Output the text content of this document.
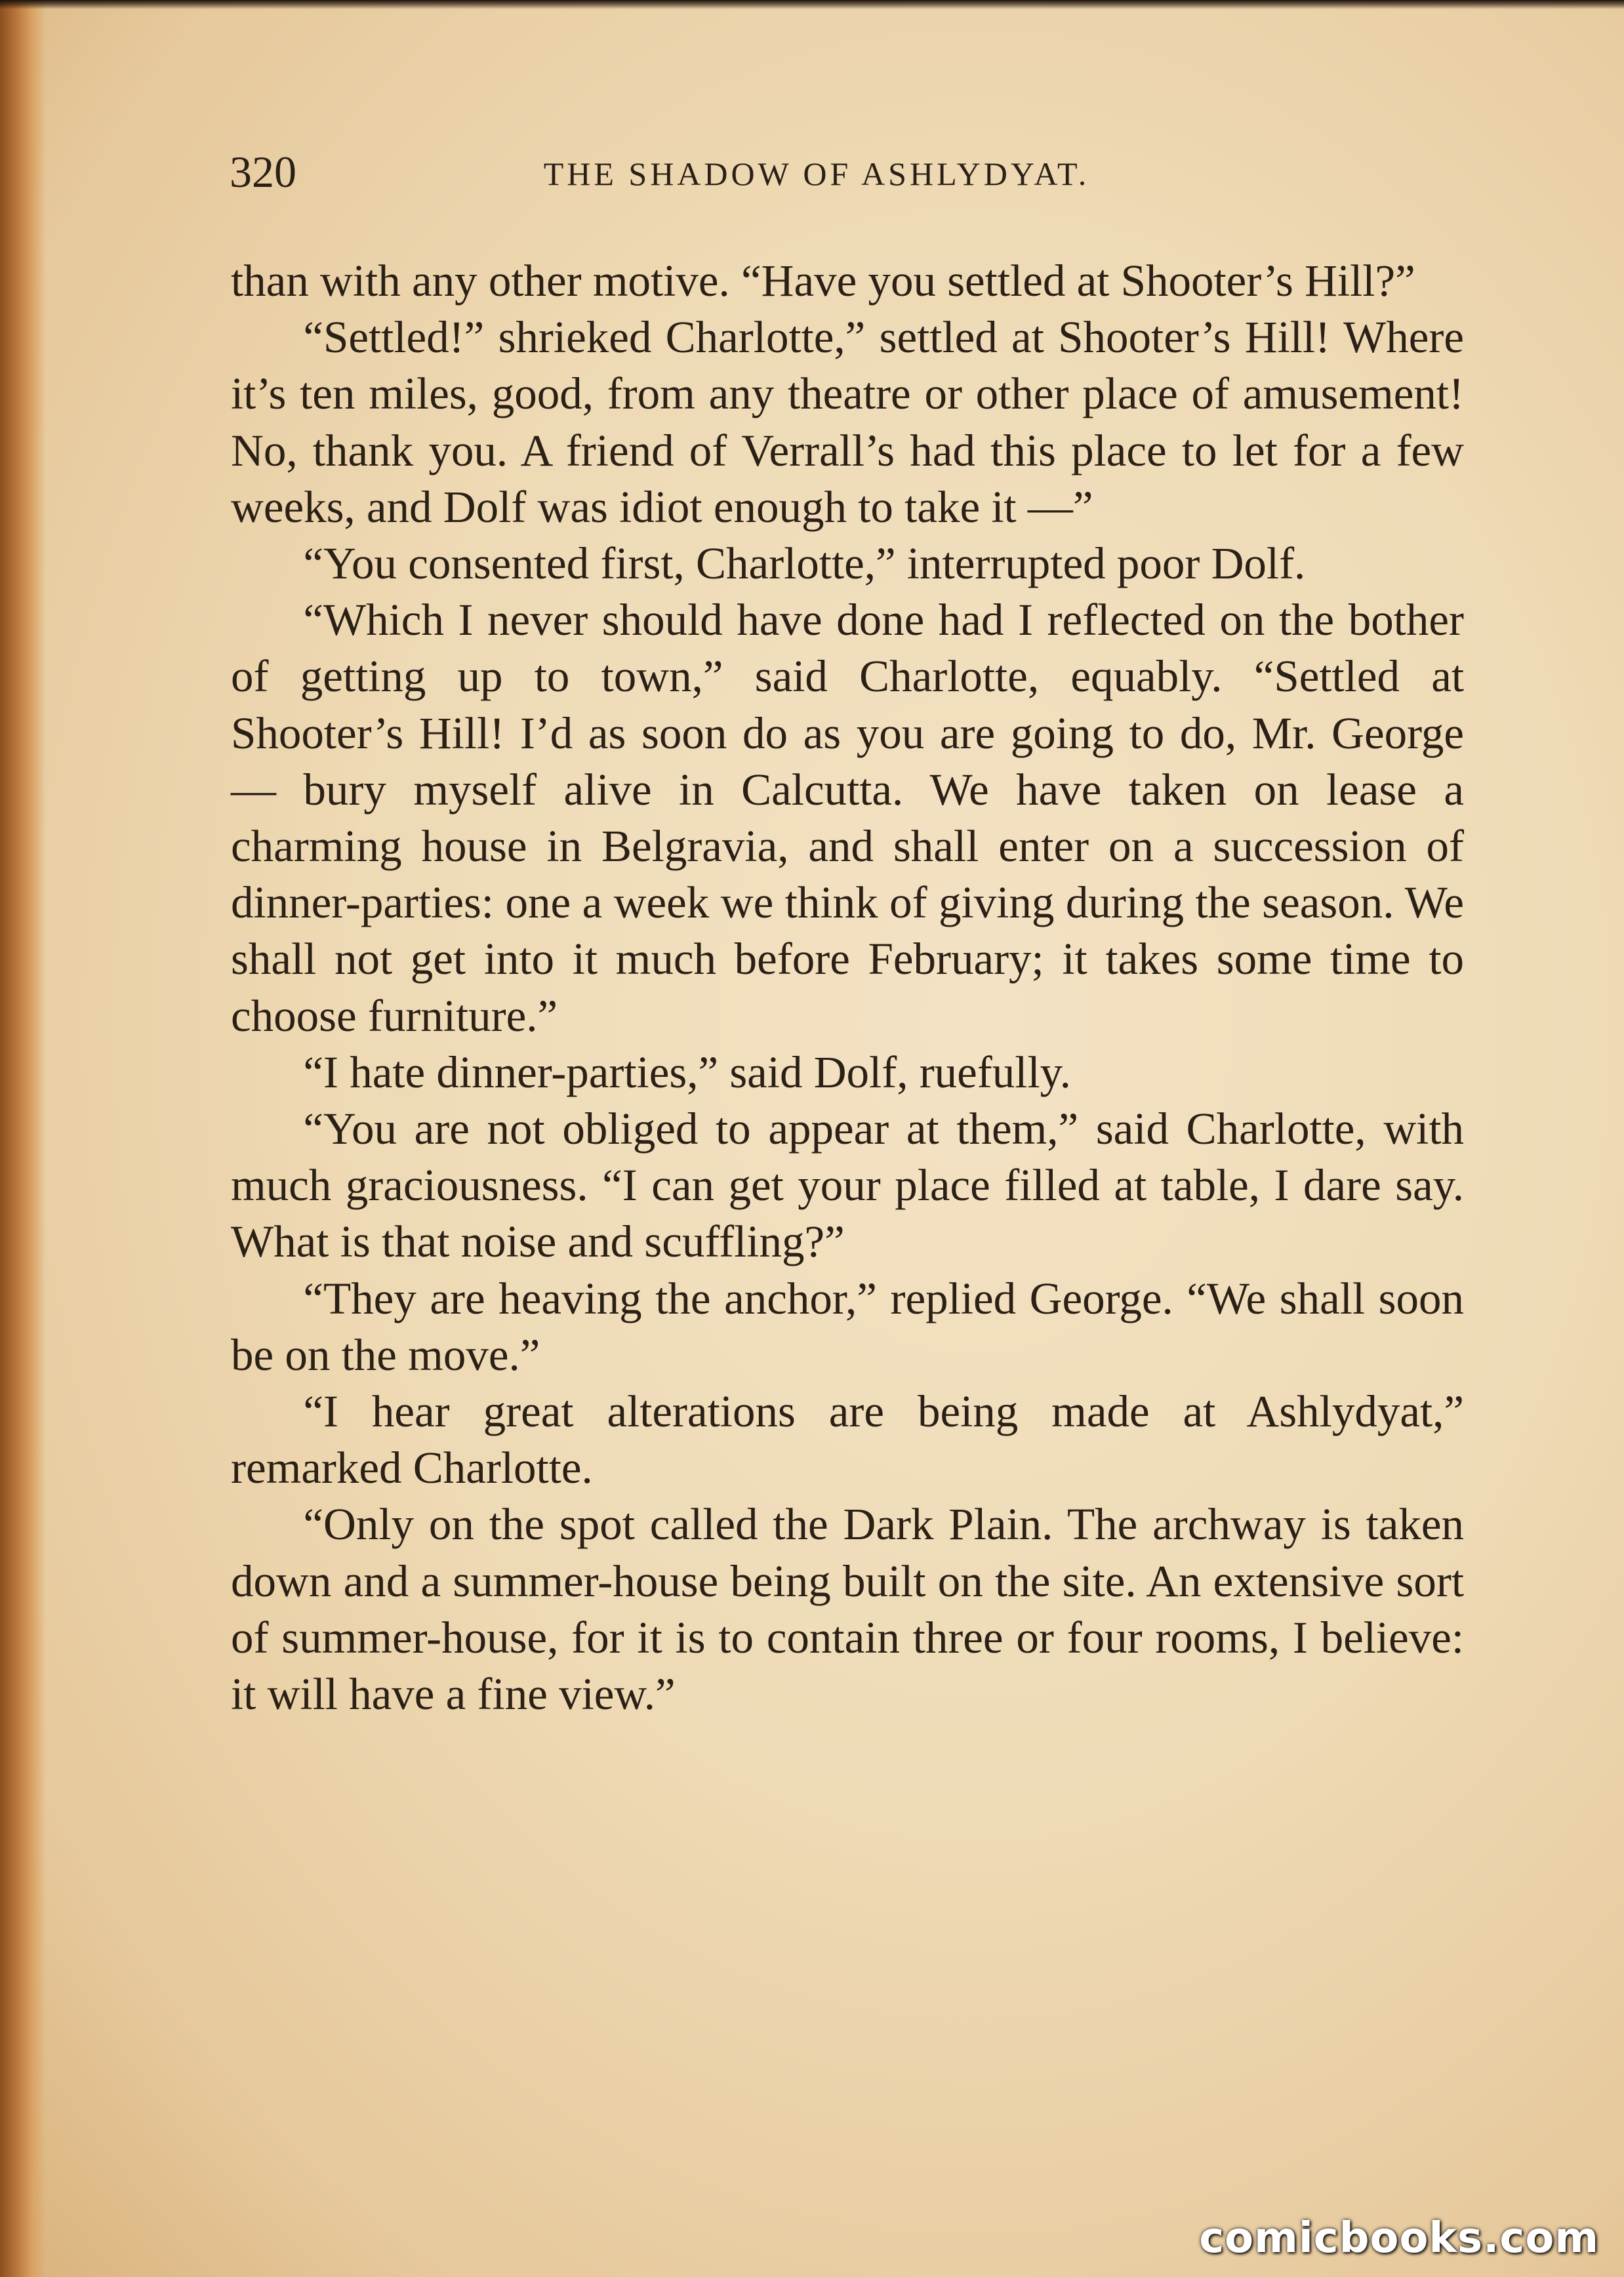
320	THE SHADOW OF ASHLYDYAT.

than with any other motive. “Have you settled at Shooter’s Hill?”

“Settled!” shrieked Charlotte,” settled at Shooter’s Hill! Where it’s ten miles, good, from any theatre or other place of amusement! No, thank you. A friend of Verrall’s had this place to let for a few weeks, and Dolf was idiot enough to take it —”

“You consented first, Charlotte,” interrupted poor Dolf.

“Which I never should have done had I reflected on the bother of getting up to town,” said Charlotte, equably. “Settled at Shooter’s Hill! I’d as soon do as you are going to do, Mr. George — bury myself alive in Calcutta. We have taken on lease a charming house in Belgravia, and shall enter on a succession of dinner-parties: one a week we think of giving during the season. We shall not get into it much before February; it takes some time to choose furniture.”

“I hate dinner-parties,” said Dolf, ruefully.

“You are not obliged to appear at them,” said Charlotte, with much graciousness. “I can get your place filled at table, I dare say. What is that noise and scuffling?”

“They are heaving the anchor,” replied George. “We shall soon be on the move.”

“I hear great alterations are being made at Ashlydyat,” remarked Charlotte.

“Only on the spot called the Dark Plain. The archway is taken down and a summer-house being built on the site. An extensive sort of summer-house, for it is to contain three or four rooms, I believe: it will have a fine view.”

comicbooks.com
